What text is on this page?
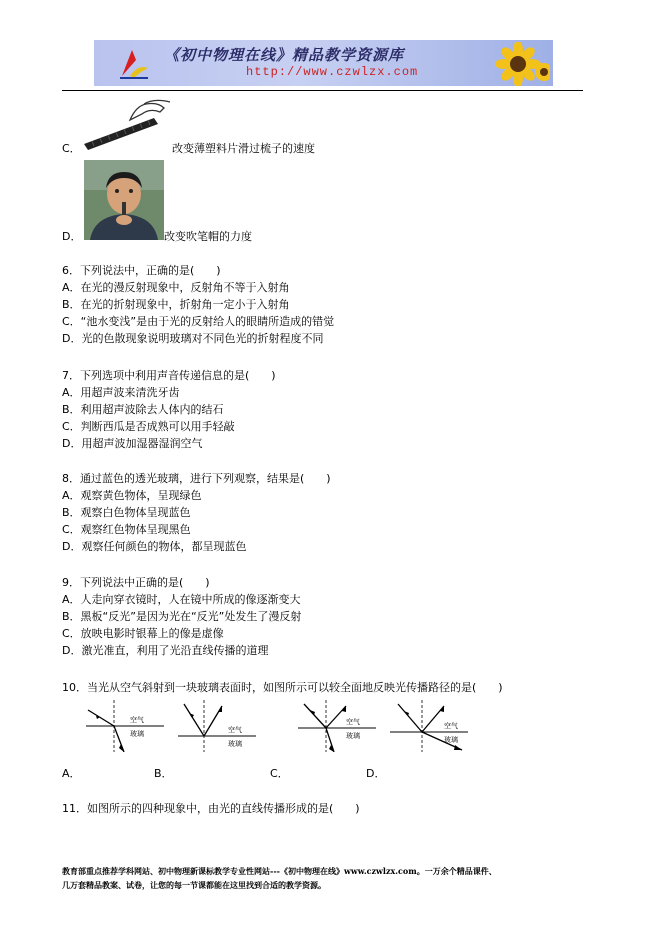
《初中物理在线》精品教学资源库
http://www.czwlzx.com
C．	改变薄塑料片滑过梳子的速度
D．	改变吹笔帽的力度
6．下列说法中，正确的是(　　)
A．在光的漫反射现象中，反射角不等于入射角
B．在光的折射现象中，折射角一定小于入射角
C．“池水变浅”是由于光的反射给人的眼睛所造成的错觉
D．光的色散现象说明玻璃对不同色光的折射程度不同
7．下列选项中利用声音传递信息的是(　　)
A．用超声波来清洗牙齿
B．利用超声波除去人体内的结石
C．判断西瓜是否成熟可以用手轻敲
D．用超声波加湿器湿润空气
8．通过蓝色的透光玻璃，进行下列观察，结果是(　　)
A．观察黄色物体，呈现绿色
B．观察白色物体呈现蓝色
C．观察红色物体呈现黑色
D．观察任何颜色的物体，都呈现蓝色
9．下列说法中正确的是(　　)
A．人走向穿衣镜时，人在镜中所成的像逐渐变大
B．黑板“反光”是因为光在“反光”处发生了漫反射
C．放映电影时银幕上的像是虚像
D．激光准直，利用了光沿直线传播的道理
10．当光从空气斜射到一块玻璃表面时，如图所示可以较全面地反映光传播路径的是(　　)
空气
玻璃	空气
玻璃
空气
玻璃
空气
玻璃
A．	B．	C．	D．
11．如图所示的四种现象中，由光的直线传播形成的是(　　)
教育部重点推荐学科网站、初中物理新课标教学专业性网站---《初中物理在线》www.czwlzx.com。一万余个精品课件、
几万套精品教案、试卷，让您的每一节课都能在这里找到合适的教学资源。
